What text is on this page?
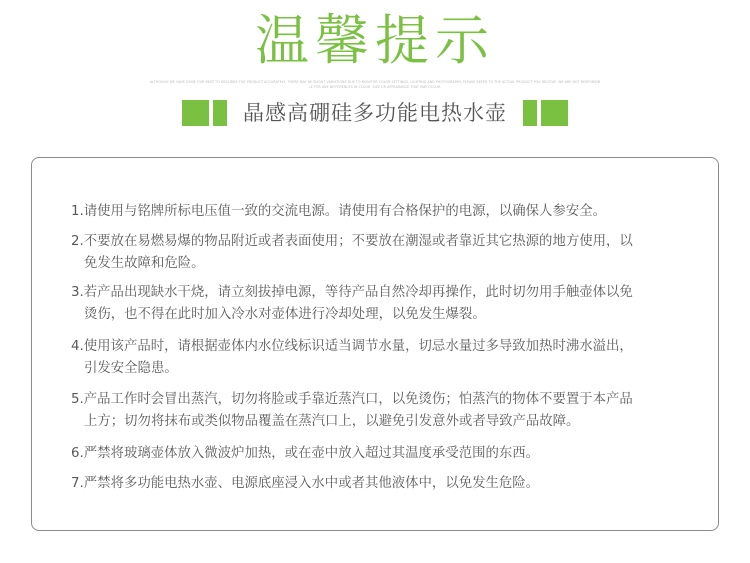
温馨提示
ALTHOUGH WE HAVE DONE OUR BEST TO DESCRIBE THE PRODUCT ACCURATELY, THERE MAY BE SLIGHT VARIATIONS DUE TO MONITOR COLOR SETTINGS, LIGHTING AND PHOTOGRAPHY. PLEASE REFER TO THE ACTUAL PRODUCT YOU RECEIVE. WE ARE NOT RESPONSIBLE FOR ANY DIFFERENCES IN COLOR, SIZE OR APPEARANCE THAT MAY OCCUR.
晶感高硼硅多功能电热水壶
1.请使用与铭牌所标电压值一致的交流电源。请使用有合格保护的电源，以确保人参安全。
2.不要放在易燃易爆的物品附近或者表面使用；不要放在潮湿或者靠近其它热源的地方使用，以
免发生故障和危险。
3.若产品出现缺水干烧，请立刻拔掉电源，等待产品自然冷却再操作，此时切勿用手触壶体以免
烫伤，也不得在此时加入冷水对壶体进行冷却处理，以免发生爆裂。
4.使用该产品时，请根据壶体内水位线标识适当调节水量，切忌水量过多导致加热时沸水溢出，
引发安全隐患。
5.产品工作时会冒出蒸汽，切勿将脸或手靠近蒸汽口，以免烫伤；怕蒸汽的物体不要置于本产品
上方；切勿将抹布或类似物品覆盖在蒸汽口上，以避免引发意外或者导致产品故障。
6.严禁将玻璃壶体放入微波炉加热，或在壶中放入超过其温度承受范围的东西。
7.严禁将多功能电热水壶、电源底座浸入水中或者其他液体中，以免发生危险。
